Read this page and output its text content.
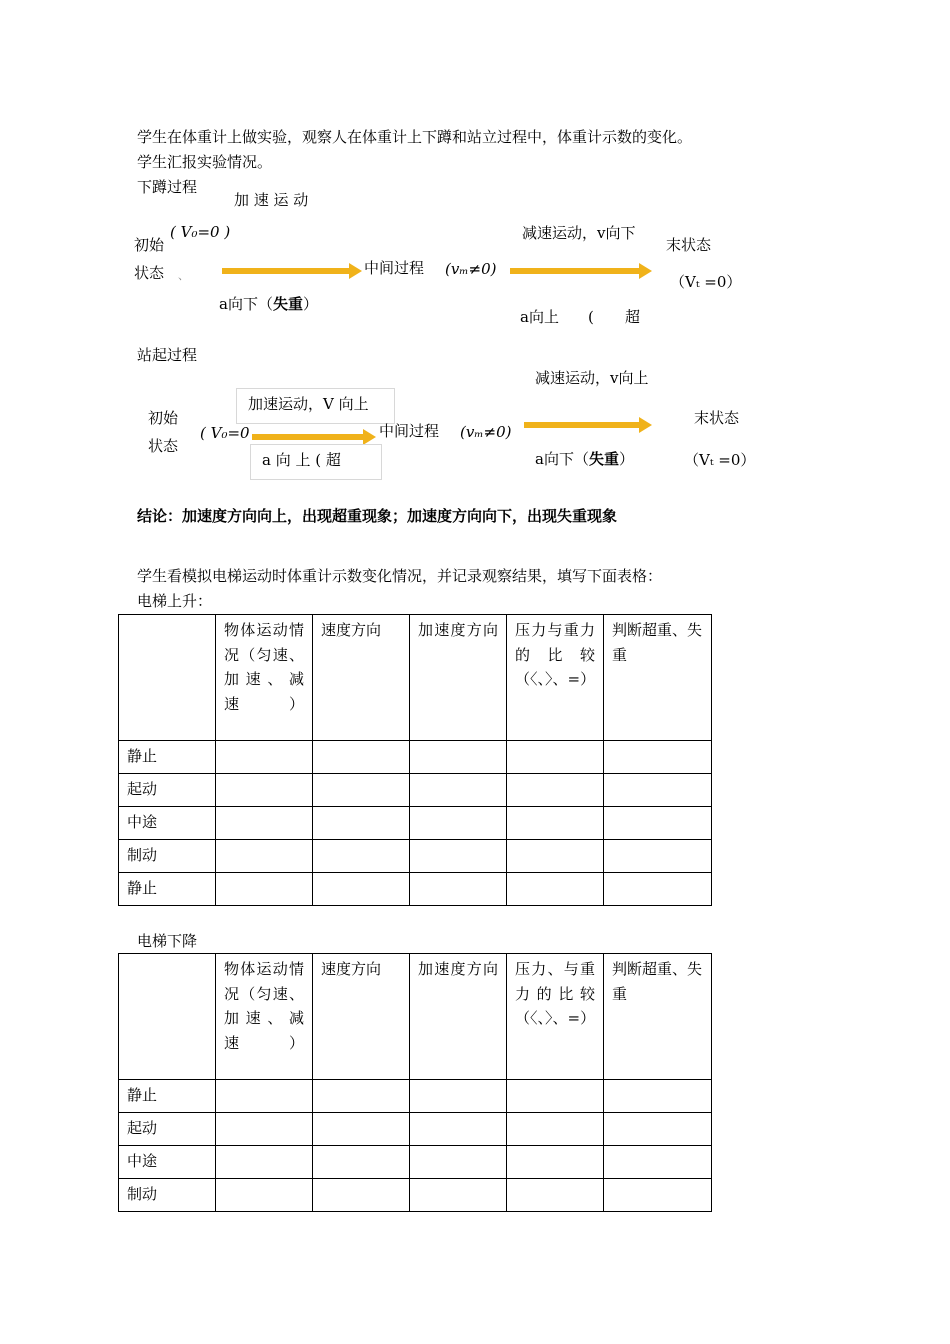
学生在体重计上做实验，观察人在体重计上下蹲和站立过程中，体重计示数的变化。
学生汇报实验情况。
下蹲过程
加 速 运 动
( V₀=0 )
初始
状态 、
a向下（失重）
中间过程 (vₘ≠0)
减速运动，v向下
末状态
（Vₜ =0）
a向上 ( 超
站起过程
减速运动，v向上
初始
状态
加速运动，V 向上
( V₀=0
a 向 上 ( 超
中间过程 (vₘ≠0)
末状态
a向下（失重）	（Vₜ =0）
结论：加速度方向向上，出现超重现象；加速度方向向下，出现失重现象
学生看模拟电梯运动时体重计示数变化情况，并记录观察结果，填写下面表格：
电梯上升：
	物体运动情况（匀速、加速、减速）	速度方向	加速度方向	压力与重力的比较（〈、〉、=）	判断超重、失重
静止					
起动					
中途					
制动					
静止					
电梯下降
	物体运动情况（匀速、加速、减速）	速度方向	加速度方向	压力、与重力的比较（〈、〉、=）	判断超重、失重
静止					
起动					
中途					
制动					
